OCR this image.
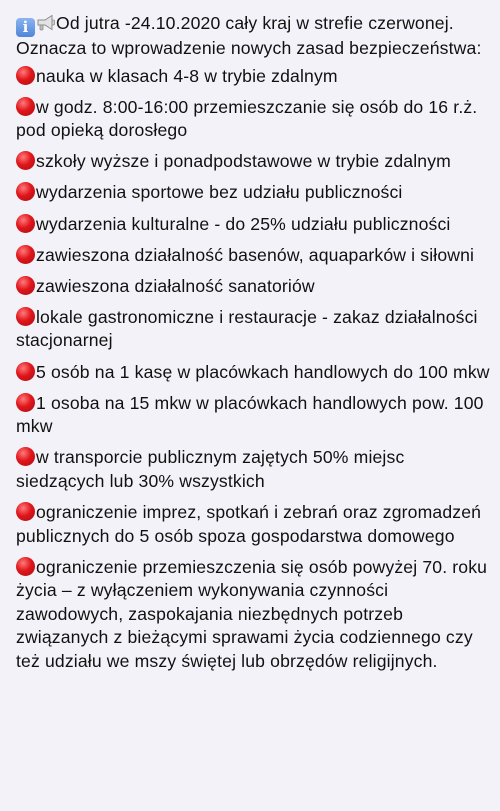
i Od jutra -24.10.2020 cały kraj w strefie czerwonej. Oznacza to wprowadzenie nowych zasad bezpieczeństwa:

nauka w klasach 4-8 w trybie zdalnym
w godz. 8:00-16:00 przemieszczanie się osób do 16 r.ż. pod opieką dorosłego
szkoły wyższe i ponadpodstawowe w trybie zdalnym
wydarzenia sportowe bez udziału publiczności
wydarzenia kulturalne - do 25% udziału publiczności
zawieszona działalność basenów, aquaparków i siłowni
zawieszona działalność sanatoriów
lokale gastronomiczne i restauracje - zakaz działalności stacjonarnej
5 osób na 1 kasę w placówkach handlowych do 100 mkw
1 osoba na 15 mkw w placówkach handlowych pow. 100 mkw
w transporcie publicznym zajętych 50% miejsc siedzących lub 30% wszystkich
ograniczenie imprez, spotkań i zebrań oraz zgromadzeń publicznych do 5 osób spoza gospodarstwa domowego
ograniczenie przemieszczenia się osób powyżej 70. roku życia – z wyłączeniem wykonywania czynności zawodowych, zaspokajania niezbędnych potrzeb związanych z bieżącymi sprawami życia codziennego czy też udziału we mszy świętej lub obrzędów religijnych.
